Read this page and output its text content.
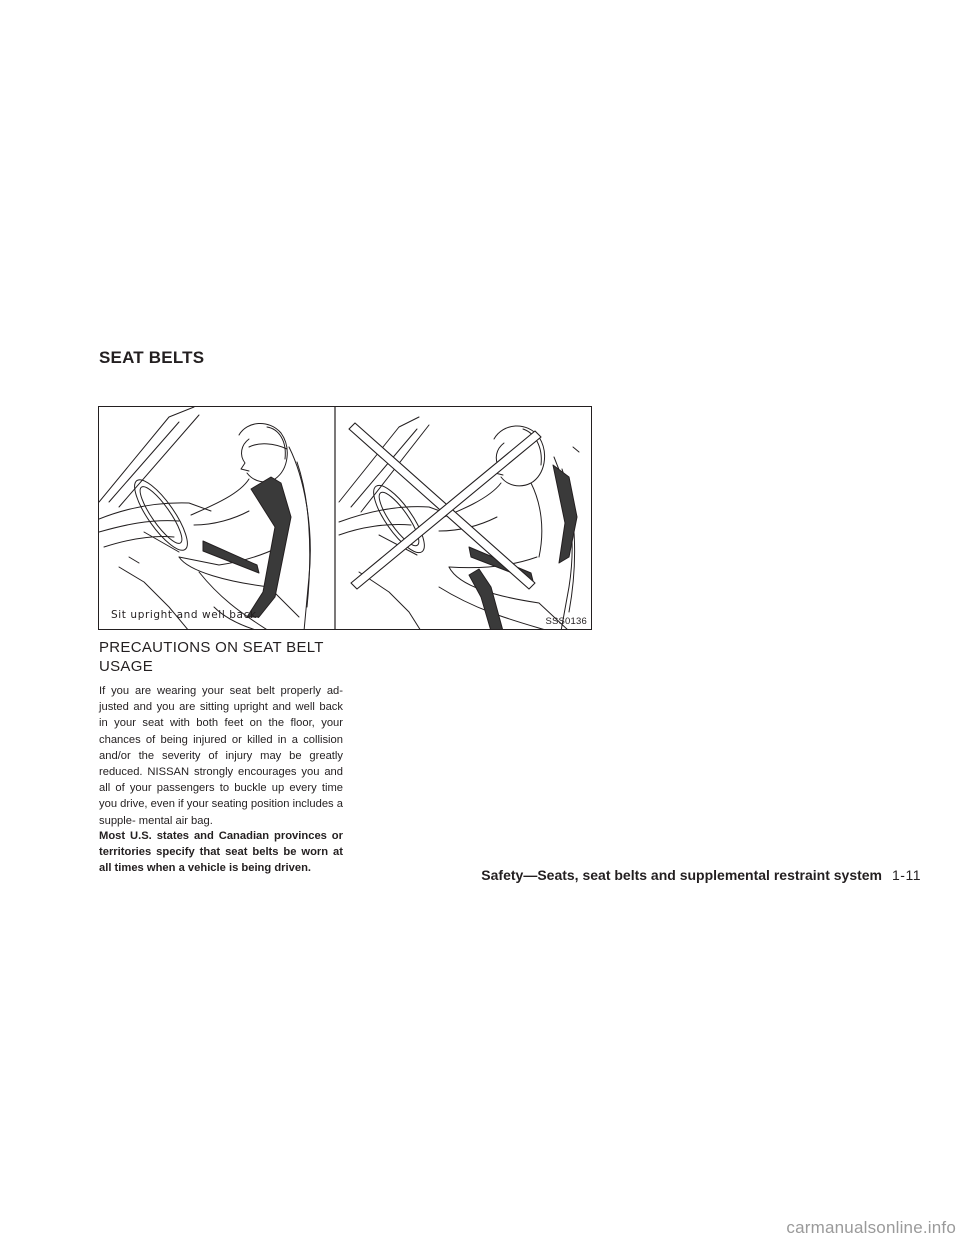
SEAT BELTS
Sit upright and well back.
SSS0136
PRECAUTIONS ON SEAT BELT
USAGE

If you are wearing your seat belt properly ad- justed and you are sitting upright and well back in your seat with both feet on the floor, your chances of being injured or killed in a collision and/or the severity of injury may be greatly reduced. NISSAN strongly encourages you and all of your passengers to buckle up every time you drive, even if your seating position includes a supple- mental air bag.

Most U.S. states and Canadian provinces or territories specify that seat belts be worn at all times when a vehicle is being driven.	Safety—Seats, seat belts and supplemental restraint system 1-11
carmanualsonline.info
